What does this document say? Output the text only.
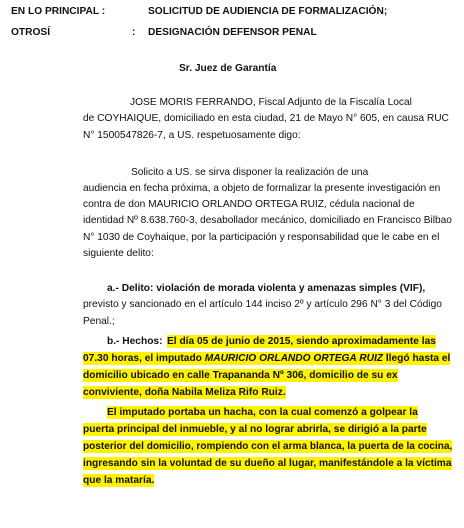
EN LO PRINCIPAL :	SOLICITUD DE AUDIENCIA DE FORMALIZACIÓN;
OTROSÍ	: DESIGNACIÓN DEFENSOR PENAL
Sr. Juez de Garantía
JOSE MORIS FERRANDO, Fiscal Adjunto de la Fiscalía Local
de COYHAIQUE, domiciliado en esta ciudad, 21 de Mayo N° 605, en causa RUC
N° 1500547826-7, a US. respetuosamente digo:
Solicito a US. se sirva disponer la realización de una
audiencia en fecha próxima, a objeto de formalizar la presente investigación en
contra de don MAURICIO ORLANDO ORTEGA RUIZ, cédula nacional de
identidad Nº 8.638.760-3, desabollador mecánico, domiciliado en Francisco Bilbao
N° 1030 de Coyhaique, por la participación y responsabilidad que le cabe en el
siguiente delito:
a.- Delito: violación de morada violenta y amenazas simples (VIF),
previsto y sancionado en el artículo 144 inciso 2º y artículo 296 N° 3 del Código
Penal.;
b.- Hechos: El día 05 de junio de 2015, siendo aproximadamente las
07.30 horas, el imputado MAURICIO ORLANDO ORTEGA RUIZ llegó hasta el
domicilio ubicado en calle Trapananda Nº 306, domicilio de su ex
conviviente, doña Nabila Meliza Rifo Ruiz.
El imputado portaba un hacha, con la cual comenzó a golpear la
puerta principal del inmueble, y al no lograr abrirla, se dirigió a la parte
posterior del domicilio, rompiendo con el arma blanca, la puerta de la cocina,
ingresando sin la voluntad de su dueño al lugar, manifestándole a la víctima
que la mataría.
